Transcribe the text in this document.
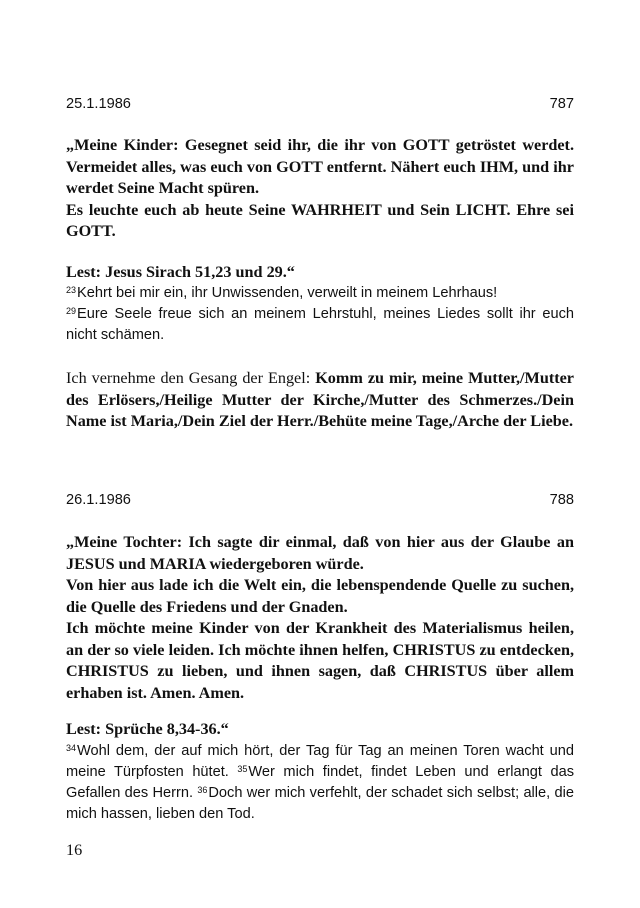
25.1.1986	787

„Meine Kinder: Gesegnet seid ihr, die ihr von GOTT getröstet werdet. Vermeidet alles, was euch von GOTT entfernt. Nähert euch IHM, und ihr werdet Seine Macht spüren.

Es leuchte euch ab heute Seine WAHRHEIT und Sein LICHT. Ehre sei GOTT.

Lest: Jesus Sirach 51,23 und 29.“

$^{23}$Kehrt bei mir ein, ihr Unwissenden, verweilt in meinem Lehrhaus!

$^{29}$Eure Seele freue sich an meinem Lehrstuhl, meines Liedes sollt ihr euch nicht schämen.

Ich vernehme den Gesang der Engel: Komm zu mir, meine Mutter,/Mutter des Erlösers,/Heilige Mutter der Kirche,/Mutter des Schmerzes./Dein Name ist Maria,/Dein Ziel der Herr./Behüte meine Tage,/Arche der Liebe.

26.1.1986	788

„Meine Tochter: Ich sagte dir einmal, daß von hier aus der Glaube an JESUS und MARIA wiedergeboren würde.

Von hier aus lade ich die Welt ein, die lebenspendende Quelle zu suchen, die Quelle des Friedens und der Gnaden.

Ich möchte meine Kinder von der Krankheit des Materialismus heilen, an der so viele leiden. Ich möchte ihnen helfen, CHRISTUS zu entdecken, CHRISTUS zu lieben, und ihnen sagen, daß CHRISTUS über allem erhaben ist. Amen. Amen.

Lest: Sprüche 8,34-36.“

$^{34}$Wohl dem, der auf mich hört, der Tag für Tag an meinen Toren wacht und meine Türpfosten hütet. $^{35}$Wer mich findet, findet Leben und erlangt das Gefallen des Herrn. $^{36}$Doch wer mich verfehlt, der schadet sich selbst; alle, die mich hassen, lieben den Tod.

16
